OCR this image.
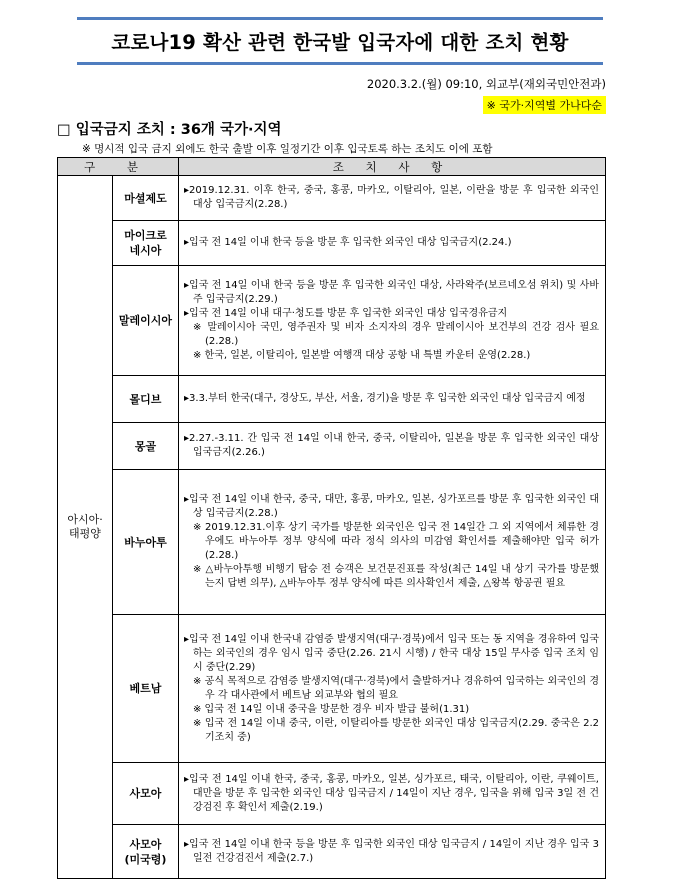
코로나19 확산 관련 한국발 입국자에 대한 조치 현황
2020.3.2.(월) 09:10, 외교부(재외국민안전과)
※ 국가·지역별 가나다순
□ 입국금지 조치 : 36개 국가·지역
※ 명시적 입국 금지 외에도 한국 출발 이후 일정기간 이후 입국토록 하는 조치도 이에 포함
구 분		조 치 사 항
아시아·
태평양	마셜제도	▸2019.12.31. 이후 한국, 중국, 홍콩, 마카오, 이탈리아, 일본, 이란을 방문 후 입국한 외국인 대상 입국금지(2.28.)

	마이크로
네시아	▸입국 전 14일 이내 한국 등을 방문 후 입국한 외국인 대상 입국금지(2.24.)

	말레이시아	▸입국 전 14일 이내 한국 등을 방문 후 입국한 외국인 대상, 사라왁주(보르네오섬 위치) 및 사바주 입국금지(2.29.)
▸입국 전 14일 이내 대구·청도를 방문 후 입국한 외국인 대상 입국경유금지
※ 말레이시아 국민, 영주권자 및 비자 소지자의 경우 말레이시아 보건부의 건강 검사 필요(2.28.)
※ 한국, 일본, 이탈리아, 일본발 여행객 대상 공항 내 특별 카운터 운영(2.28.)

	몰디브	▸3.3.부터 한국(대구, 경상도, 부산, 서울, 경기)을 방문 후 입국한 외국인 대상 입국금지 예정

	몽골	▸2.27.-3.11. 간 입국 전 14일 이내 한국, 중국, 이탈리아, 일본을 방문 후 입국한 외국인 대상 입국금지(2.26.)

	바누아투	▸입국 전 14일 이내 한국, 중국, 대만, 홍콩, 마카오, 일본, 싱가포르를 방문 후 입국한 외국인 대상 입국금지(2.28.)
※ 2019.12.31.이후 상기 국가를 방문한 외국인은 입국 전 14일간 그 외 지역에서 체류한 경우에도 바누아투 정부 양식에 따라 정식 의사의 미감염 확인서를 제출해야만 입국 허가(2.28.)
※ △바누아투행 비행기 탑승 전 승객은 보건문진표를 작성(최근 14일 내 상기 국가를 방문했는지 답변 의무), △바누아투 정부 양식에 따른 의사확인서 제출, △왕복 항공권 필요

	베트남	▸입국 전 14일 이내 한국내 감염증 발생지역(대구·경북)에서 입국 또는 동 지역을 경유하여 입국하는 외국인의 경우 임시 입국 중단(2.26. 21시 시행) / 한국 대상 15일 무사증 입국 조치 임시 중단(2.29)
※ 공식 목적으로 감염증 발생지역(대구·경북)에서 출발하거나 경유하여 입국하는 외국인의 경우 각 대사관에서 베트남 외교부와 협의 필요
※ 입국 전 14일 이내 중국을 방문한 경우 비자 발급 불허(1.31)
※ 입국 전 14일 이내 중국, 이란, 이탈리아를 방문한 외국인 대상 입국금지(2.29. 중국은 2.2 기조치 중)

	사모아	▸입국 전 14일 이내 한국, 중국, 홍콩, 마카오, 일본, 싱가포르, 태국, 이탈리아, 이란, 쿠웨이트, 대만을 방문 후 입국한 외국인 대상 입국금지 / 14일이 지난 경우, 입국을 위해 입국 3일 전 건강검진 후 확인서 제출(2.19.)

	사모아
(미국령)	▸입국 전 14일 이내 한국 등을 방문 후 입국한 외국인 대상 입국금지 / 14일이 지난 경우 입국 3일전 건강검진서 제출(2.7.)
